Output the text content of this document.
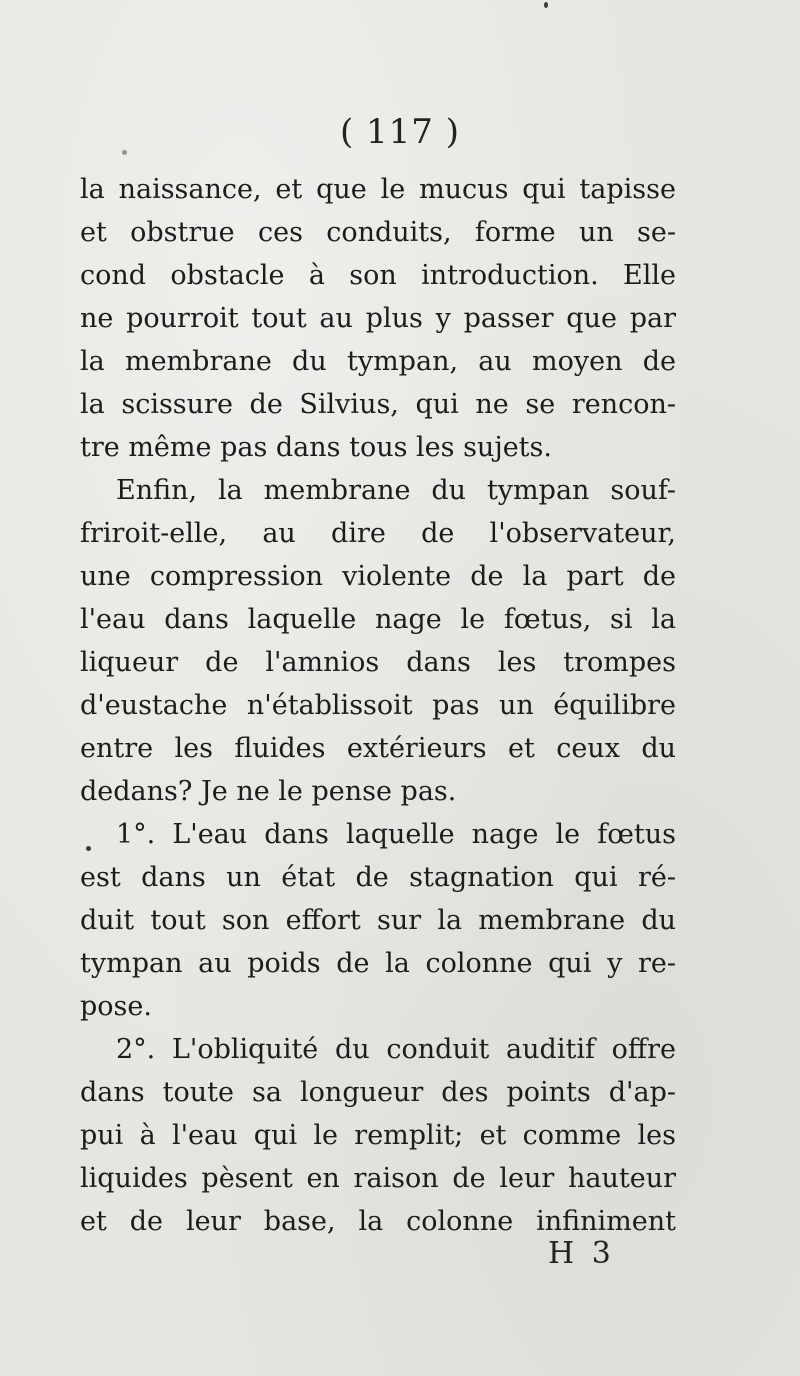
( 117 )
la naissance, et que le mucus qui tapisse
et obstrue ces conduits, forme un se-
cond obstacle à son introduction. Elle
ne pourroit tout au plus y passer que par
la membrane du tympan, au moyen de
la scissure de Silvius, qui ne se rencon-
tre même pas dans tous les sujets.
Enfin, la membrane du tympan souf-
friroit-elle, au dire de l'observateur,
une compression violente de la part de
l'eau dans laquelle nage le fœtus, si la
liqueur de l'amnios dans les trompes
d'eustache n'établissoit pas un équilibre
entre les fluides extérieurs et ceux du
dedans? Je ne le pense pas.
1°. L'eau dans laquelle nage le fœtus
est dans un état de stagnation qui ré-
duit tout son effort sur la membrane du
tympan au poids de la colonne qui y re-
pose.
2°. L'obliquité du conduit auditif offre
dans toute sa longueur des points d'ap-
pui à l'eau qui le remplit; et comme les
liquides pèsent en raison de leur hauteur
et de leur base, la colonne infiniment
H 3
